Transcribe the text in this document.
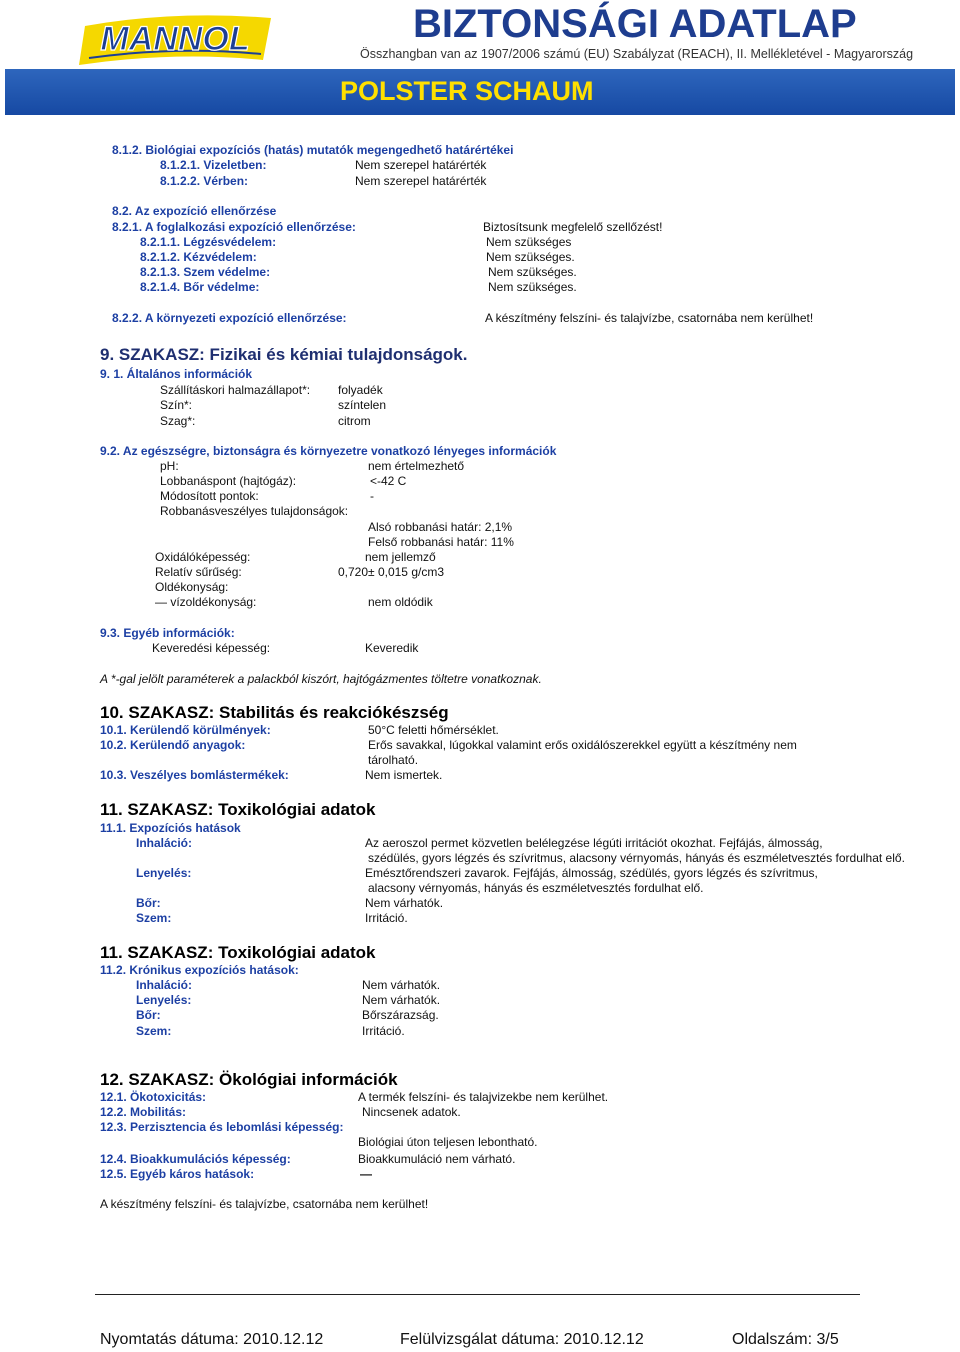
MANNOL	BIZTONSÁGI ADATLAP
Összhangban van az 1907/2006 számú (EU) Szabályzat (REACH), II. Mellékletével - Magyarország
POLSTER SCHAUM
8.1.2. Biológiai expozíciós (hatás) mutatók megengedhető határértékei
8.1.2.1. Vizeletben:	Nem szerepel határérték
8.1.2.2. Vérben:	Nem szerepel határérték
8.2. Az expozíció ellenőrzése
8.2.1. A foglalkozási expozíció ellenőrzése:	Biztosítsunk megfelelő szellőzést!
8.2.1.1. Légzésvédelem:	Nem szükséges
8.2.1.2. Kézvédelem:	Nem szükséges.
8.2.1.3. Szem védelme:	Nem szükséges.
8.2.1.4. Bőr védelme:	Nem szükséges.
8.2.2. A környezeti expozíció ellenőrzése:	A készítmény felszíni- és talajvízbe, csatornába nem kerülhet!
9. SZAKASZ: Fizikai és kémiai tulajdonságok.
9. 1. Általános információk
Szállításkori halmazállapot*: folyadék
Szín*:	színtelen
Szag*:	citrom
9.2. Az egészségre, biztonságra és környezetre vonatkozó lényeges információk
pH:	nem értelmezhető
Lobbanáspont (hajtógáz):	<-42 C
Módosított pontok:	-
Robbanásveszélyes tulajdonságok:
Alsó robbanási határ: 2,1%
Felső robbanási határ: 11%
Oxidálóképesség:	nem jellemző
Relatív sűrűség:	0,720± 0,015 g/cm3
Oldékonyság:
— vízoldékonyság:	nem oldódik
9.3. Egyéb információk:
Keveredési képesség:	Keveredik
A *-gal jelölt paraméterek a palackból kiszórt, hajtógázmentes töltetre vonatkoznak.
10. SZAKASZ: Stabilitás és reakciókészség
10.1. Kerülendő körülmények:	50°C feletti hőmérséklet.
10.2. Kerülendő anyagok:	Erős savakkal, lúgokkal valamint erős oxidálószerekkel együtt a készítmény nem
tárolható.
10.3. Veszélyes bomlástermékek:	Nem ismertek.
11. SZAKASZ: Toxikológiai adatok
11.1. Expozíciós hatások
Inhaláció:	Az aeroszol permet közvetlen belélegzése légúti irritációt okozhat. Fejfájás, álmosság,
szédülés, gyors légzés és szívritmus, alacsony vérnyomás, hányás és eszméletvesztés fordulhat elő.
Lenyelés:	Emésztőrendszeri zavarok. Fejfájás, álmosság, szédülés, gyors légzés és szívritmus,
alacsony vérnyomás, hányás és eszméletvesztés fordulhat elő.
Bőr:	Nem várhatók.
Szem:	Irritáció.
11. SZAKASZ: Toxikológiai adatok
11.2. Krónikus expozíciós hatások:
Inhaláció:	Nem várhatók.
Lenyelés:	Nem várhatók.
Bőr:	Bőrszárazság.
Szem:	Irritáció.
12. SZAKASZ: Ökológiai információk
12.1. Ökotoxicitás:	A termék felszíni- és talajvizekbe nem kerülhet.
12.2. Mobilitás:	Nincsenek adatok.
12.3. Perzisztencia és lebomlási képesség:
Biológiai úton teljesen lebontható.
12.4. Bioakkumulációs képesség:	Bioakkumuláció nem várható.
12.5. Egyéb káros hatások:	—
A készítmény felszíni- és talajvízbe, csatornába nem kerülhet!
Nyomtatás dátuma: 2010.12.12	Felülvizsgálat dátuma: 2010.12.12	Oldalszám: 3/5
